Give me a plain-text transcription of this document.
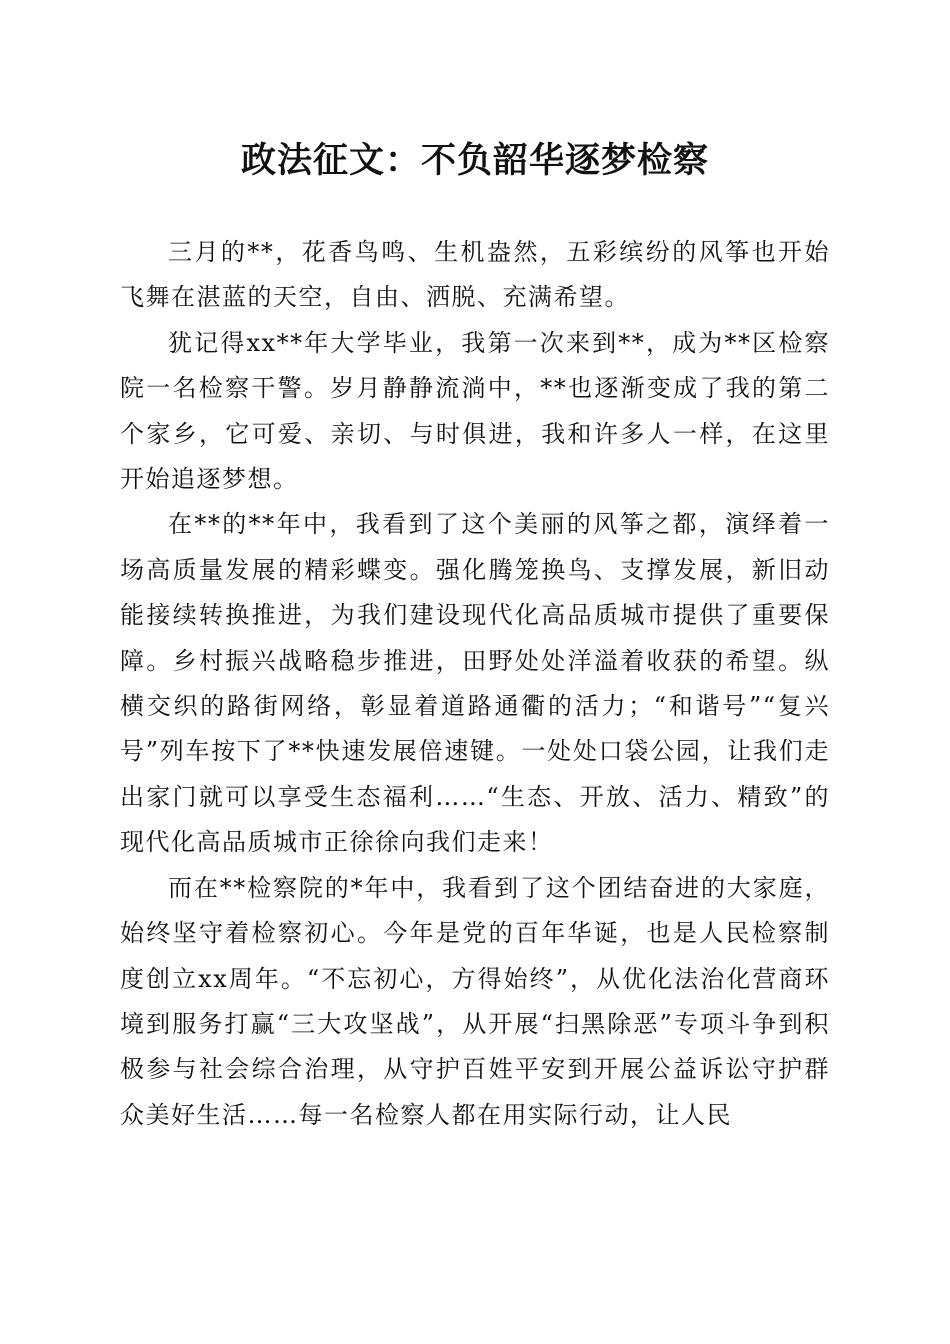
政法征文：不负韶华逐梦检察

三月的**，花香鸟鸣、生机盎然，五彩缤纷的风筝也开始飞舞在湛蓝的天空，自由、洒脱、充满希望。

犹记得xx**年大学毕业，我第一次来到**，成为**区检察院一名检察干警。岁月静静流淌中，**也逐渐变成了我的第二个家乡，它可爱、亲切、与时俱进，我和许多人一样，在这里开始追逐梦想。

在**的**年中，我看到了这个美丽的风筝之都，演绎着一场高质量发展的精彩蝶变。强化腾笼换鸟、支撑发展，新旧动能接续转换推进，为我们建设现代化高品质城市提供了重要保障。乡村振兴战略稳步推进，田野处处洋溢着收获的希望。纵横交织的路街网络，彰显着道路通衢的活力；“和谐号”“复兴号”列车按下了**快速发展倍速键。一处处口袋公园，让我们走出家门就可以享受生态福利……“生态、开放、活力、精致”的现代化高品质城市正徐徐向我们走来！

而在**检察院的*年中，我看到了这个团结奋进的大家庭，始终坚守着检察初心。今年是党的百年华诞，也是人民检察制度创立xx周年。“不忘初心，方得始终”，从优化法治化营商环境到服务打赢“三大攻坚战”，从开展“扫黑除恶”专项斗争到积极参与社会综合治理，从守护百姓平安到开展公益诉讼守护群众美好生活……每一名检察人都在用实际行动，让人民
